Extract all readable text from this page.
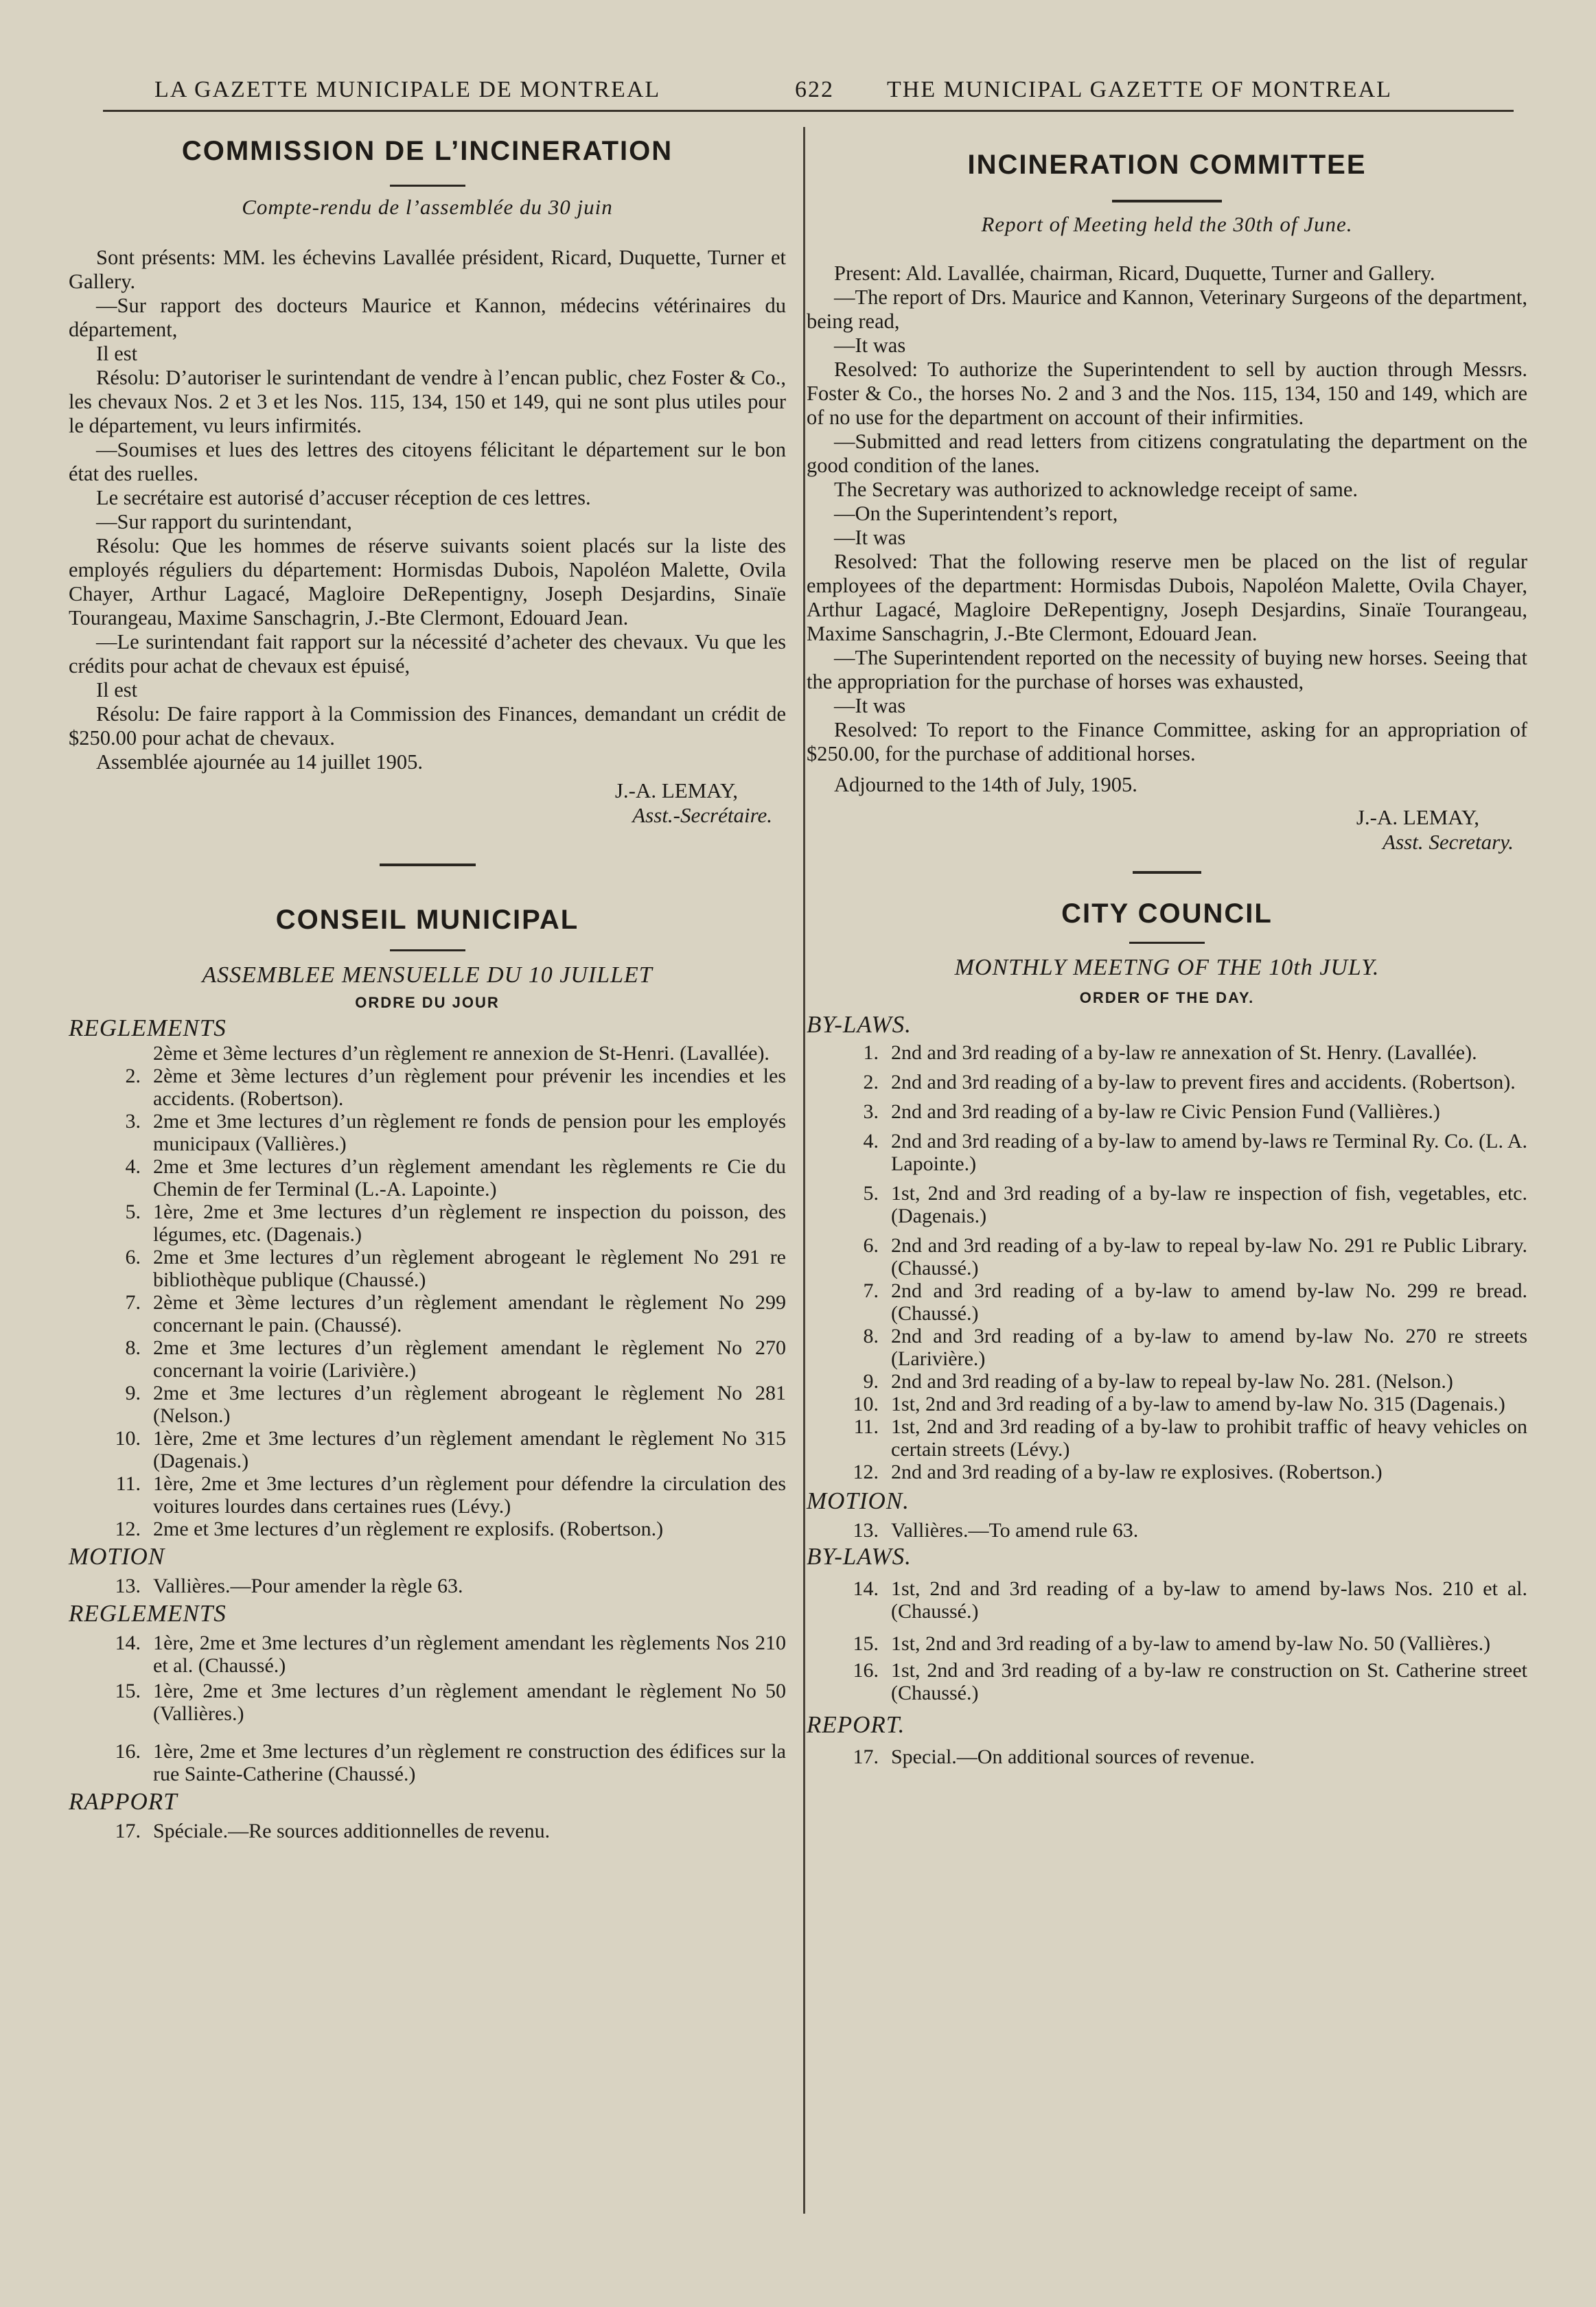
LA GAZETTE MUNICIPALE DE MONTREAL	622 THE MUNICIPAL GAZETTE OF MONTREAL
COMMISSION DE L’INCINERATION
Compte-rendu de l’assemblée du 30 juin

Sont présents: MM. les échevins Lavallée président, Ricard, Duquette, Turner et Gallery.

—Sur rapport des docteurs Maurice et Kannon, médecins vétérinaires du département,

Il est

Résolu: D’autoriser le surintendant de vendre à l’encan public, chez Foster & Co., les chevaux Nos. 2 et 3 et les Nos. 115, 134, 150 et 149, qui ne sont plus utiles pour le département, vu leurs infirmités.

—Soumises et lues des lettres des citoyens félicitant le département sur le bon état des ruelles.

Le secrétaire est autorisé d’accuser réception de ces lettres.

—Sur rapport du surintendant,

Résolu: Que les hommes de réserve suivants soient placés sur la liste des employés réguliers du département: Hormisdas Dubois, Napoléon Malette, Ovila Chayer, Arthur Lagacé, Magloire DeRepentigny, Joseph Desjardins, Sinaïe Tourangeau, Maxime Sanschagrin, J.-Bte Clermont, Edouard Jean.

—Le surintendant fait rapport sur la nécessité d’acheter des chevaux. Vu que les crédits pour achat de chevaux est épuisé,

Il est

Résolu: De faire rapport à la Commission des Finances, demandant un crédit de $250.00 pour achat de chevaux.

Assemblée ajournée au 14 juillet 1905.

J.-A. LEMAY,
Asst.-Secrétaire.
CONSEIL MUNICIPAL
ASSEMBLEE MENSUELLE DU 10 JUILLET
ORDRE DU JOUR
REGLEMENTS
2ème et 3ème lectures d’un règlement re annexion de St-Henri. (Lavallée).
2. 2ème et 3ème lectures d’un règlement pour prévenir les incendies et les accidents. (Robertson).
3. 2me et 3me lectures d’un règlement re fonds de pension pour les employés municipaux (Vallières.)
4. 2me et 3me lectures d’un règlement amendant les règlements re Cie du Chemin de fer Terminal (L.-A. Lapointe.)
5. 1ère, 2me et 3me lectures d’un règlement re inspection du poisson, des légumes, etc. (Dagenais.)
6. 2me et 3me lectures d’un règlement abrogeant le règlement No 291 re bibliothèque publique (Chaussé.)
7. 2ème et 3ème lectures d’un règlement amendant le règlement No 299 concernant le pain. (Chaussé).
8. 2me et 3me lectures d’un règlement amendant le règlement No 270 concernant la voirie (Larivière.)
9. 2me et 3me lectures d’un règlement abrogeant le règlement No 281 (Nelson.)
10. 1ère, 2me et 3me lectures d’un règlement amendant le règlement No 315 (Dagenais.)
11. 1ère, 2me et 3me lectures d’un règlement pour défendre la circulation des voitures lourdes dans certaines rues (Lévy.)
12. 2me et 3me lectures d’un règlement re explosifs. (Robertson.)
MOTION
13. Vallières.—Pour amender la règle 63.
REGLEMENTS
14. 1ère, 2me et 3me lectures d’un règlement amendant les règlements Nos 210 et al. (Chaussé.)
15. 1ère, 2me et 3me lectures d’un règlement amendant le règlement No 50 (Vallières.)
16. 1ère, 2me et 3me lectures d’un règlement re construction des édifices sur la rue Sainte-Catherine (Chaussé.)
RAPPORT
17. Spéciale.—Re sources additionnelles de revenu.
INCINERATION COMMITTEE
Report of Meeting held the 30th of June.

Present: Ald. Lavallée, chairman, Ricard, Duquette, Turner and Gallery.

—The report of Drs. Maurice and Kannon, Veterinary Surgeons of the department, being read,

—It was

Resolved: To authorize the Superintendent to sell by auction through Messrs. Foster & Co., the horses No. 2 and 3 and the Nos. 115, 134, 150 and 149, which are of no use for the department on account of their infirmities.

—Submitted and read letters from citizens congratulating the department on the good condition of the lanes.

The Secretary was authorized to acknowledge receipt of same.

—On the Superintendent’s report,

—It was

Resolved: That the following reserve men be placed on the list of regular employees of the department: Hormisdas Dubois, Napoléon Malette, Ovila Chayer, Arthur Lagacé, Magloire DeRepentigny, Joseph Desjardins, Sinaïe Tourangeau, Maxime Sanschagrin, J.-Bte Clermont, Edouard Jean.

—The Superintendent reported on the necessity of buying new horses. Seeing that the appropriation for the purchase of horses was exhausted,

—It was

Resolved: To report to the Finance Committee, asking for an appropriation of $250.00, for the purchase of additional horses.

Adjourned to the 14th of July, 1905.

J.-A. LEMAY,
Asst. Secretary.
CITY COUNCIL
MONTHLY MEETNG OF THE 10th JULY.
ORDER OF THE DAY.
BY-LAWS.
1. 2nd and 3rd reading of a by-law re annexation of St. Henry. (Lavallée).
2. 2nd and 3rd reading of a by-law to prevent fires and accidents. (Robertson).
3. 2nd and 3rd reading of a by-law re Civic Pension Fund (Vallières.)
4. 2nd and 3rd reading of a by-law to amend by-laws re Terminal Ry. Co. (L. A. Lapointe.)
5. 1st, 2nd and 3rd reading of a by-law re inspection of fish, vegetables, etc. (Dagenais.)
6. 2nd and 3rd reading of a by-law to repeal by-law No. 291 re Public Library. (Chaussé.)
7. 2nd and 3rd reading of a by-law to amend by-law No. 299 re bread. (Chaussé.)
8. 2nd and 3rd reading of a by-law to amend by-law No. 270 re streets (Larivière.)
9. 2nd and 3rd reading of a by-law to repeal by-law No. 281. (Nelson.)
10. 1st, 2nd and 3rd reading of a by-law to amend by-law No. 315 (Dagenais.)
11. 1st, 2nd and 3rd reading of a by-law to prohibit traffic of heavy vehicles on certain streets (Lévy.)
12. 2nd and 3rd reading of a by-law re explosives. (Robertson.)
MOTION.
13. Vallières.—To amend rule 63.
BY-LAWS.
14. 1st, 2nd and 3rd reading of a by-law to amend by-laws Nos. 210 et al. (Chaussé.)
15. 1st, 2nd and 3rd reading of a by-law to amend by-law No. 50 (Vallières.)
16. 1st, 2nd and 3rd reading of a by-law re construction on St. Catherine street (Chaussé.)
REPORT.
17. Special.—On additional sources of revenue.
